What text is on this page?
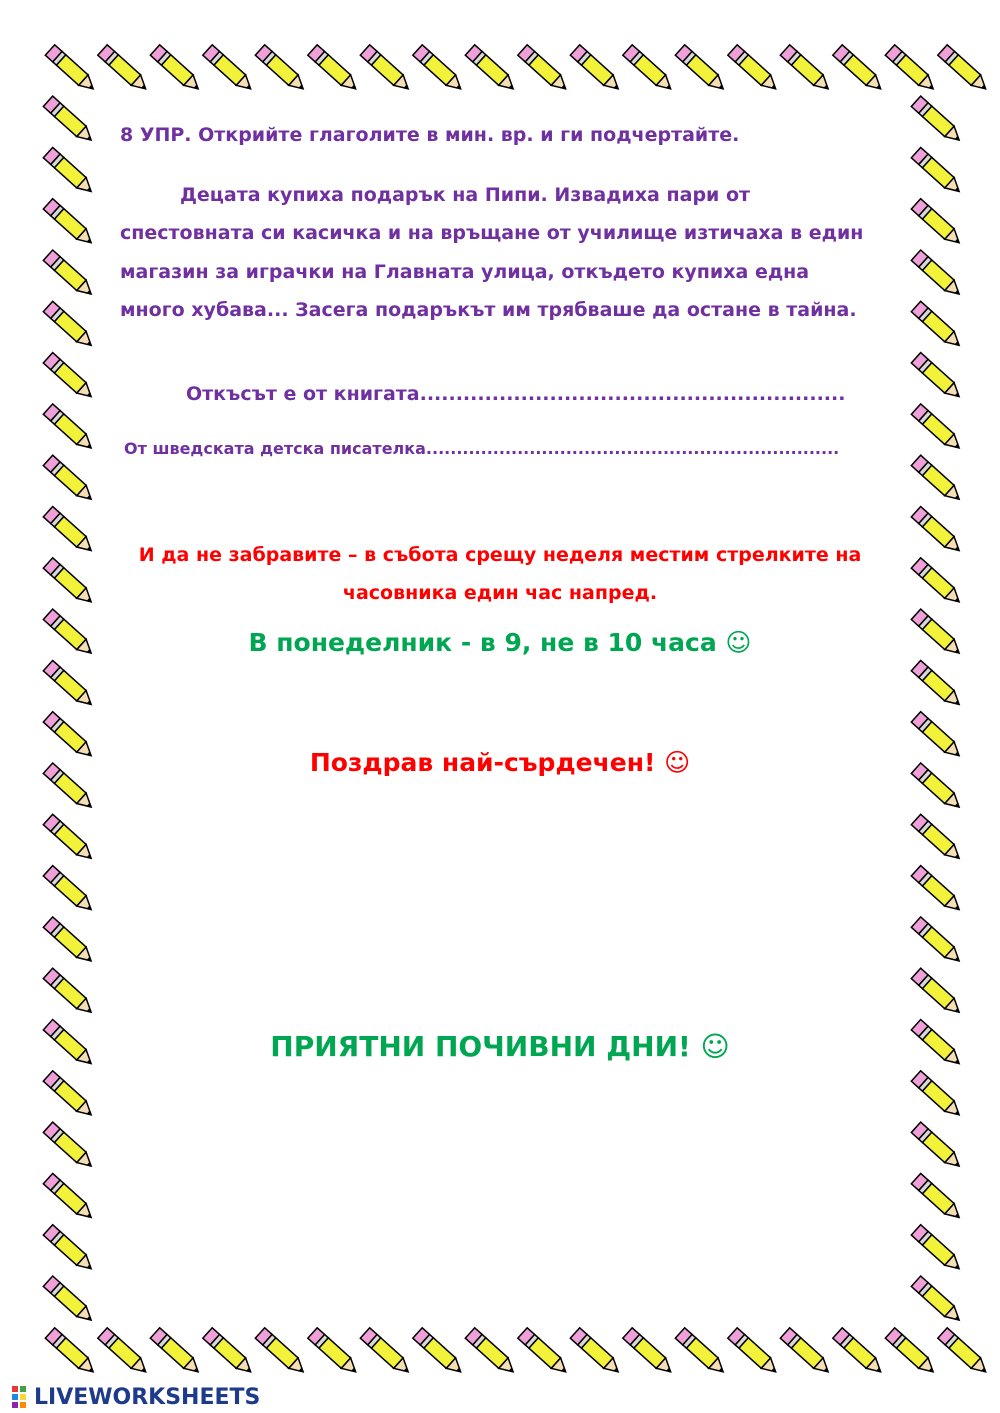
8 УПР. Открийте глаголите в мин. вр. и ги подчертайте.

Децата купиха подарък на Пипи. Извадиха пари от спестовната си касичка и на връщане от училище изтичаха в един магазин за играчки на Главната улица, откъдето купиха една много хубава... Засега подаръкът им трябваше да остане в тайна.

Откъсът е от книгата...........................................................

От шведската детска писателка....................................................................

И да не забравите – в събота срещу неделя местим стрелките на часовника един час напред.

В понеделник - в 9, не в 10 часа ☺

Поздрав най-сърдечен! ☺

ПРИЯТНИ ПОЧИВНИ ДНИ! ☺

LIVEWORKSHEETS
